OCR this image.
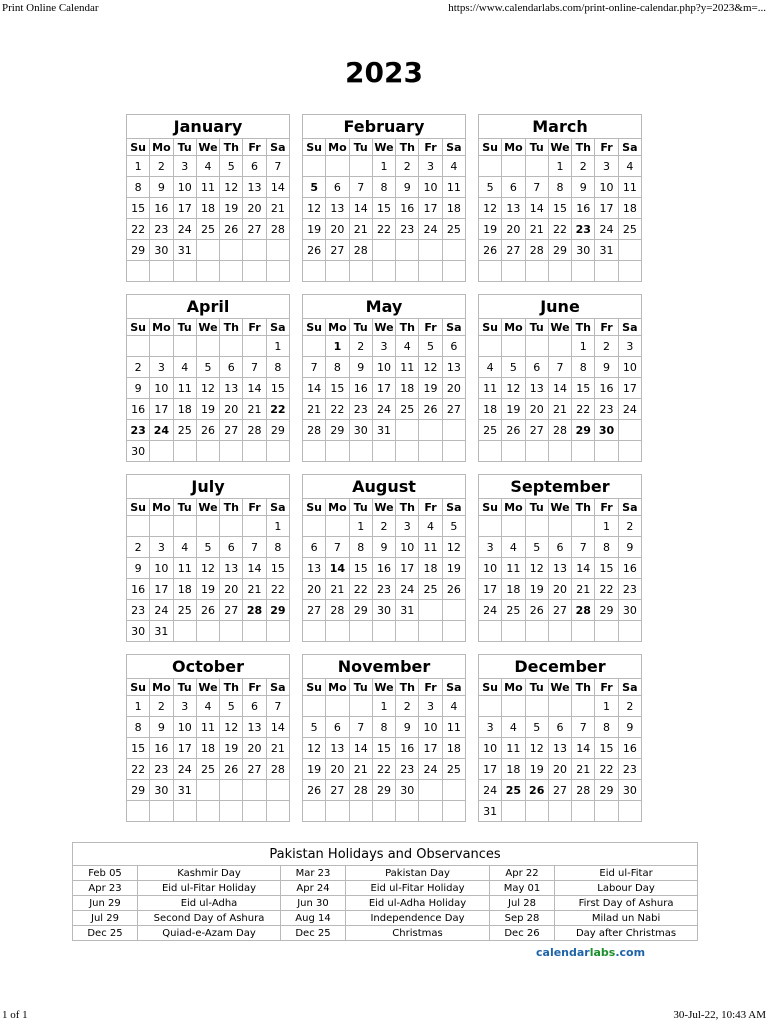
Print Online Calendar	https://www.calendarlabs.com/print-online-calendar.php?y=2023&m=...
2023
January						
Su	Mo	Tu	We	Th	Fr	Sa
1	2	3	4	5	6	7
8	9	10	11	12	13	14
15	16	17	18	19	20	21
22	23	24	25	26	27	28
29	30	31				

February						
Su	Mo	Tu	We	Th	Fr	Sa
			1	2	3	4
5	6	7	8	9	10	11
12	13	14	15	16	17	18
19	20	21	22	23	24	25
26	27	28				

March						
Su	Mo	Tu	We	Th	Fr	Sa
			1	2	3	4
5	6	7	8	9	10	11
12	13	14	15	16	17	18
19	20	21	22	23	24	25
26	27	28	29	30	31	

April						
Su	Mo	Tu	We	Th	Fr	Sa
						1
2	3	4	5	6	7	8
9	10	11	12	13	14	15
16	17	18	19	20	21	22
23	24	25	26	27	28	29
30						
May						
Su	Mo	Tu	We	Th	Fr	Sa
	1	2	3	4	5	6
7	8	9	10	11	12	13
14	15	16	17	18	19	20
21	22	23	24	25	26	27
28	29	30	31			

June						
Su	Mo	Tu	We	Th	Fr	Sa
				1	2	3
4	5	6	7	8	9	10
11	12	13	14	15	16	17
18	19	20	21	22	23	24
25	26	27	28	29	30	

July						
Su	Mo	Tu	We	Th	Fr	Sa
						1
2	3	4	5	6	7	8
9	10	11	12	13	14	15
16	17	18	19	20	21	22
23	24	25	26	27	28	29
30	31					
August						
Su	Mo	Tu	We	Th	Fr	Sa
		1	2	3	4	5
6	7	8	9	10	11	12
13	14	15	16	17	18	19
20	21	22	23	24	25	26
27	28	29	30	31		

September						
Su	Mo	Tu	We	Th	Fr	Sa
					1	2
3	4	5	6	7	8	9
10	11	12	13	14	15	16
17	18	19	20	21	22	23
24	25	26	27	28	29	30

October						
Su	Mo	Tu	We	Th	Fr	Sa
1	2	3	4	5	6	7
8	9	10	11	12	13	14
15	16	17	18	19	20	21
22	23	24	25	26	27	28
29	30	31				

November						
Su	Mo	Tu	We	Th	Fr	Sa
			1	2	3	4
5	6	7	8	9	10	11
12	13	14	15	16	17	18
19	20	21	22	23	24	25
26	27	28	29	30		

December						
Su	Mo	Tu	We	Th	Fr	Sa
					1	2
3	4	5	6	7	8	9
10	11	12	13	14	15	16
17	18	19	20	21	22	23
24	25	26	27	28	29	30
31						
Pakistan Holidays and Observances					
Feb 05	Kashmir Day	Mar 23	Pakistan Day	Apr 22	Eid ul-Fitar
Apr 23	Eid ul-Fitar Holiday	Apr 24	Eid ul-Fitar Holiday	May 01	Labour Day
Jun 29	Eid ul-Adha	Jun 30	Eid ul-Adha Holiday	Jul 28	First Day of Ashura
Jul 29	Second Day of Ashura	Aug 14	Independence Day	Sep 28	Milad un Nabi
Dec 25	Quiad-e-Azam Day	Dec 25	Christmas	Dec 26	Day after Christmas
calendarlabs.com
1 of 1	30-Jul-22, 10:43 AM
